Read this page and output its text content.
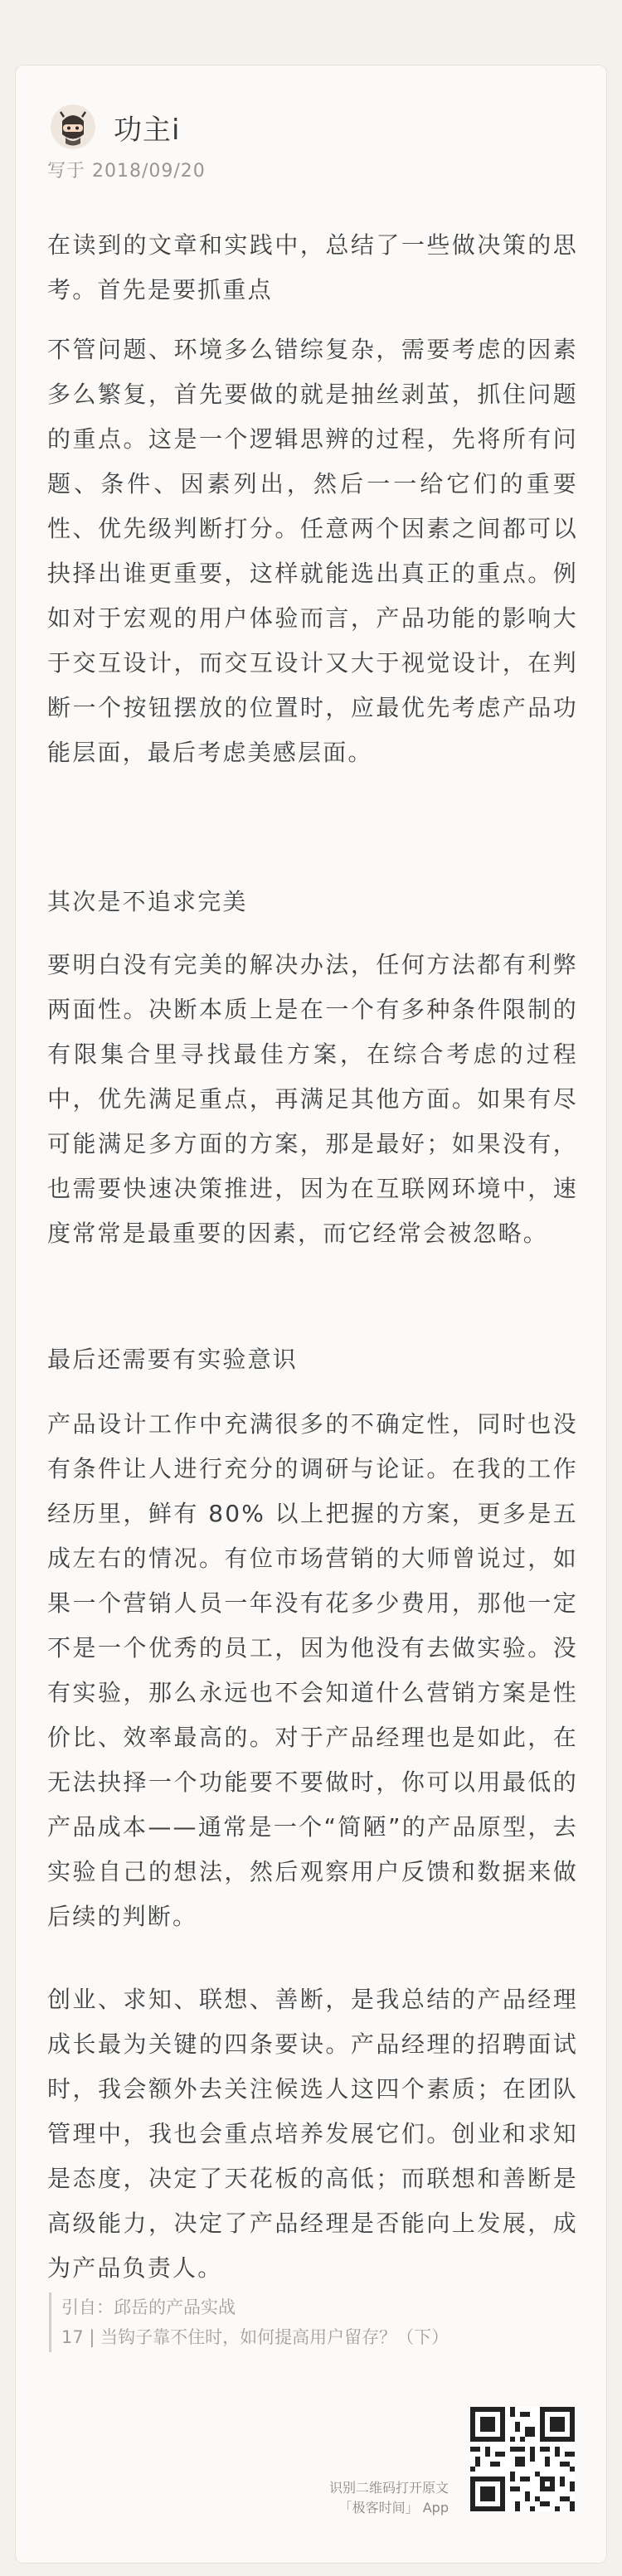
功主i
写于 2018/09/20

在读到的文章和实践中，总结了一些做决策的思考。首先是要抓重点

不管问题、环境多么错综复杂，需要考虑的因素多么繁复，首先要做的就是抽丝剥茧，抓住问题的重点。这是一个逻辑思辨的过程，先将所有问题、条件、因素列出，然后一一给它们的重要性、优先级判断打分。任意两个因素之间都可以抉择出谁更重要，这样就能选出真正的重点。例如对于宏观的用户体验而言，产品功能的影响大于交互设计，而交互设计又大于视觉设计，在判断一个按钮摆放的位置时，应最优先考虑产品功能层面，最后考虑美感层面。

其次是不追求完美

要明白没有完美的解决办法，任何方法都有利弊两面性。决断本质上是在一个有多种条件限制的有限集合里寻找最佳方案，在综合考虑的过程中，优先满足重点，再满足其他方面。如果有尽可能满足多方面的方案，那是最好；如果没有，也需要快速决策推进，因为在互联网环境中，速度常常是最重要的因素，而它经常会被忽略。

最后还需要有实验意识

产品设计工作中充满很多的不确定性，同时也没有条件让人进行充分的调研与论证。在我的工作经历里，鲜有 80% 以上把握的方案，更多是五成左右的情况。有位市场营销的大师曾说过，如果一个营销人员一年没有花多少费用，那他一定不是一个优秀的员工，因为他没有去做实验。没有实验，那么永远也不会知道什么营销方案是性价比、效率最高的。对于产品经理也是如此，在无法抉择一个功能要不要做时，你可以用最低的产品成本——通常是一个“简陋”的产品原型，去实验自己的想法，然后观察用户反馈和数据来做后续的判断。

创业、求知、联想、善断，是我总结的产品经理成长最为关键的四条要诀。产品经理的招聘面试时，我会额外去关注候选人这四个素质；在团队管理中，我也会重点培养发展它们。创业和求知是态度，决定了天花板的高低；而联想和善断是高级能力，决定了产品经理是否能向上发展，成为产品负责人。

引自：邱岳的产品实战
17 | 当钩子靠不住时，如何提高用户留存？（下）
识别二维码打开原文
「极客时间」 App
